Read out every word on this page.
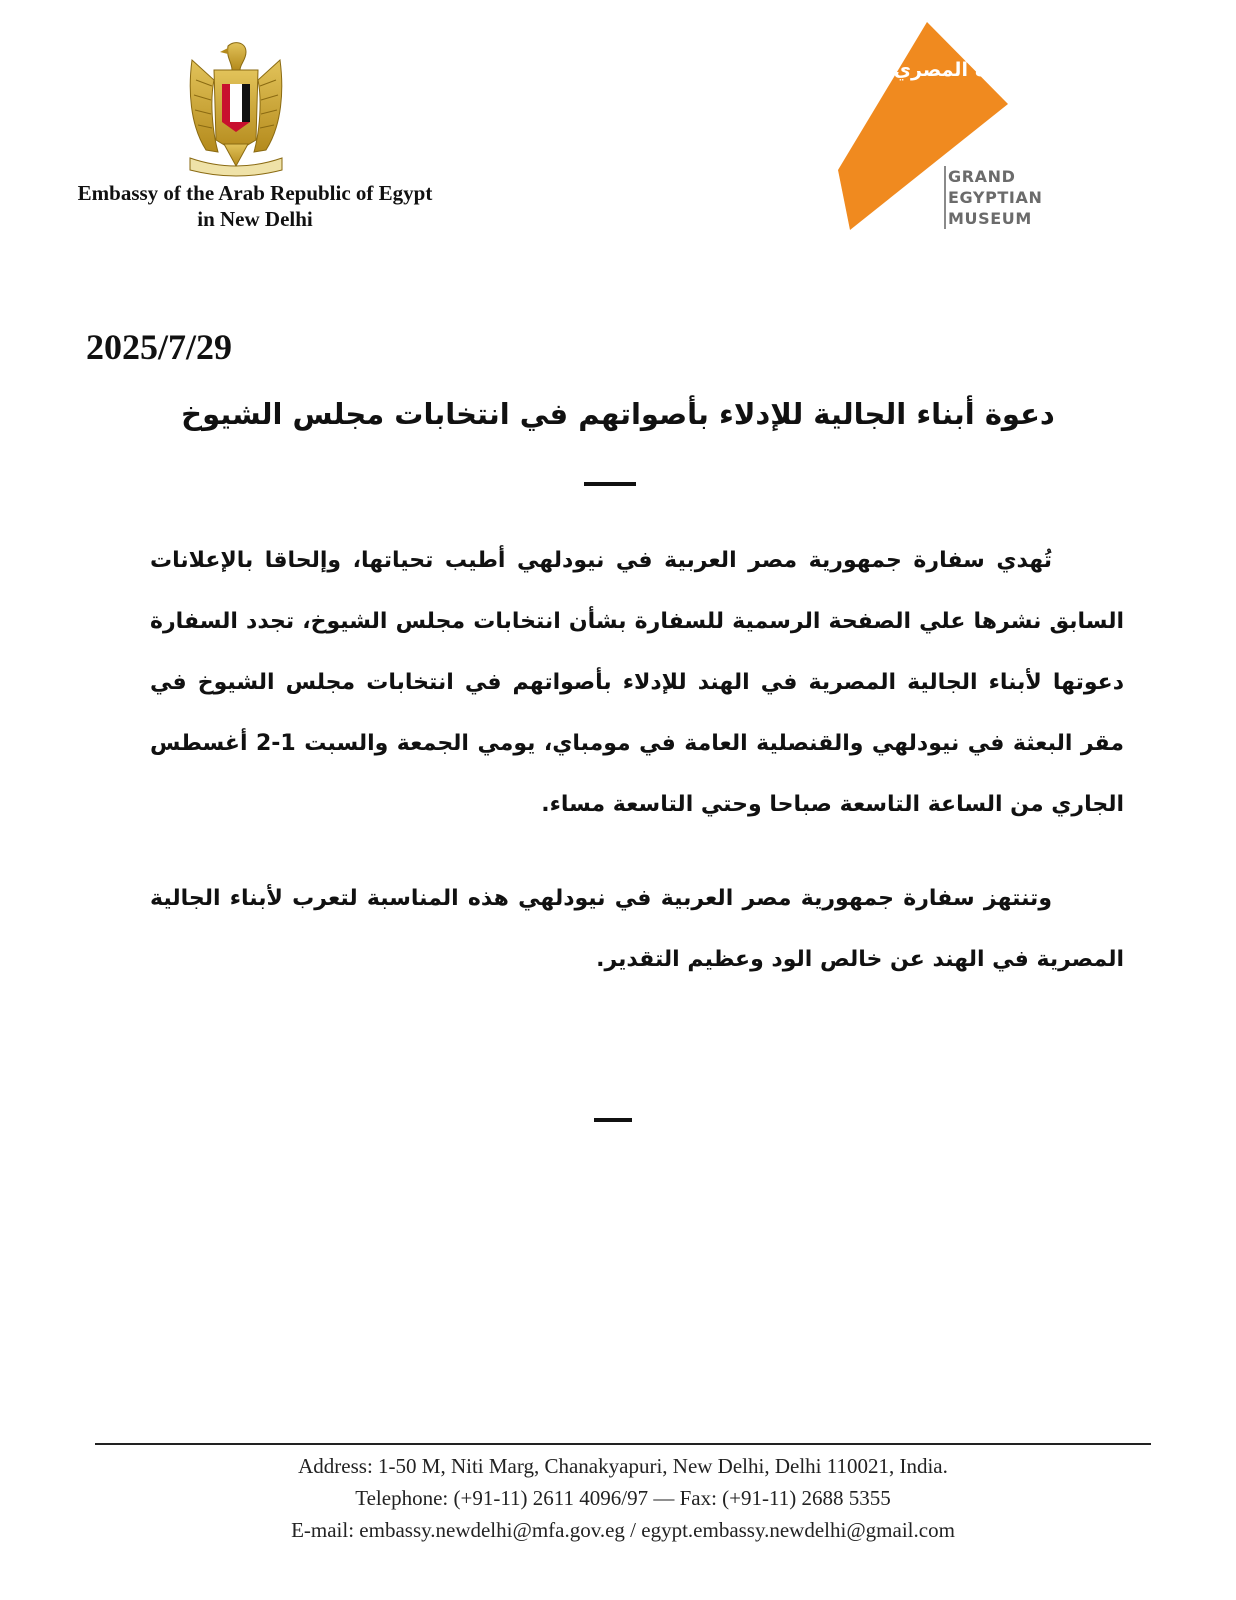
Embassy of the Arab Republic of Egypt
in New Delhi
المتحف المصري الكبير
GRAND
EGYPTIAN
MUSEUM
2025/7/29
دعوة أبناء الجالية للإدلاء بأصواتهم في انتخابات مجلس الشيوخ
تُهدي سفارة جمهورية مصر العربية في نيودلهي أطيب تحياتها، وإلحاقا بالإعلانات السابق نشرها علي الصفحة الرسمية للسفارة بشأن انتخابات مجلس الشيوخ، تجدد السفارة دعوتها لأبناء الجالية المصرية في الهند للإدلاء بأصواتهم في انتخابات مجلس الشيوخ في مقر البعثة في نيودلهي والقنصلية العامة في مومباي، يومي الجمعة والسبت 1-2 أغسطس الجاري من الساعة التاسعة صباحا وحتي التاسعة مساء.
وتنتهز سفارة جمهورية مصر العربية في نيودلهي هذه المناسبة لتعرب لأبناء الجالية المصرية في الهند عن خالص الود وعظيم التقدير.
Address: 1-50 M, Niti Marg, Chanakyapuri, New Delhi, Delhi 110021, India.
Telephone: (+91-11) 2611 4096/97 — Fax: (+91-11) 2688 5355
E-mail: embassy.newdelhi@mfa.gov.eg / egypt.embassy.newdelhi@gmail.com
